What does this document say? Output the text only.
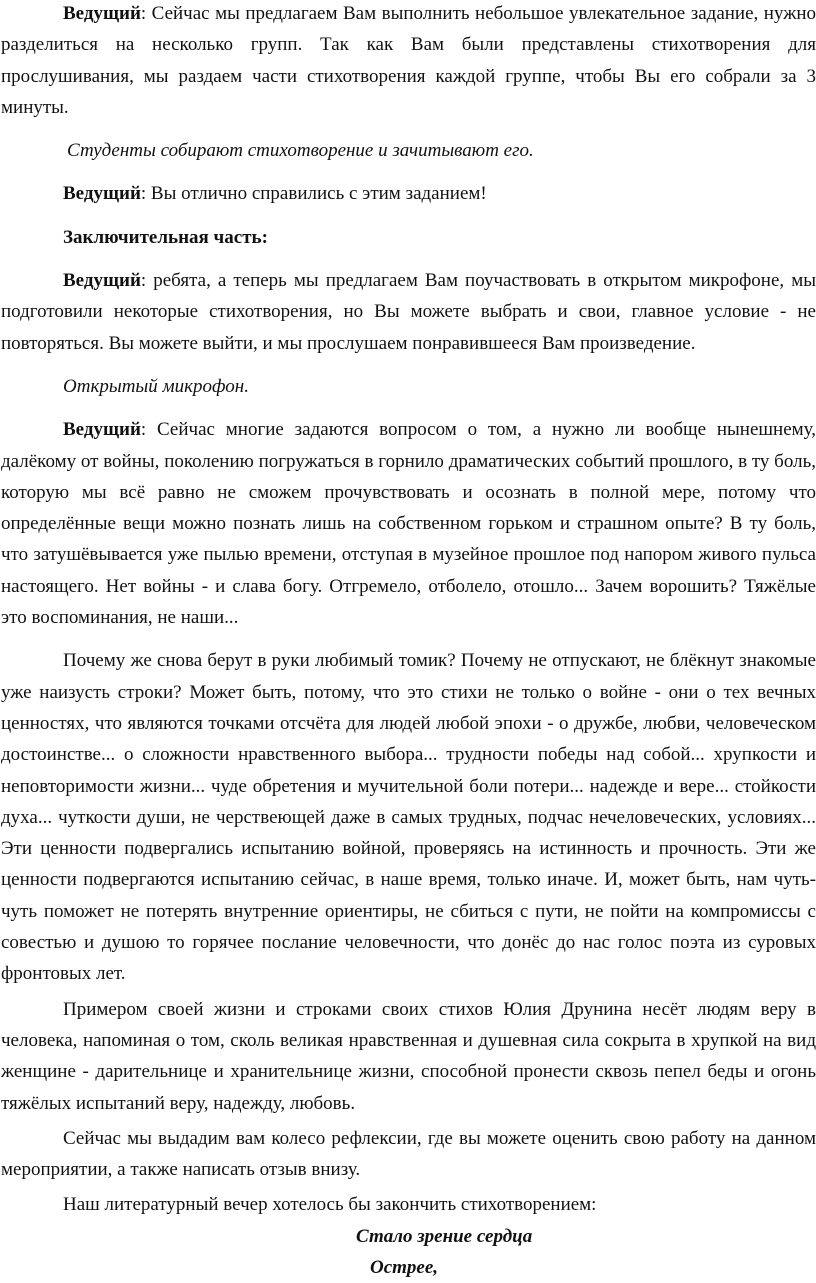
Ведущий: Сейчас мы предлагаем Вам выполнить небольшое увлекательное задание, нужно разделиться на несколько групп. Так как Вам были представлены стихотворения для прослушивания, мы раздаем части стихотворения каждой группе, чтобы Вы его собрали за 3 минуты.

Студенты собирают стихотворение и зачитывают его.

Ведущий: Вы отлично справились с этим заданием!

Заключительная часть:

Ведущий: ребята, а теперь мы предлагаем Вам поучаствовать в открытом микрофоне, мы подготовили некоторые стихотворения, но Вы можете выбрать и свои, главное условие - не повторяться. Вы можете выйти, и мы прослушаем понравившееся Вам произведение.

Открытый микрофон.

Ведущий: Сейчас многие задаются вопросом о том, а нужно ли вообще нынешнему, далёкому от войны, поколению погружаться в горнило драматических событий прошлого, в ту боль, которую мы всё равно не сможем прочувствовать и осознать в полной мере, потому что определённые вещи можно познать лишь на собственном горьком и страшном опыте? В ту боль, что затушёвывается уже пылью времени, отступая в музейное прошлое под напором живого пульса настоящего. Нет войны - и слава богу. Отгремело, отболело, отошло... Зачем ворошить? Тяжёлые это воспоминания, не наши...

Почему же снова берут в руки любимый томик? Почему не отпускают, не блёкнут знакомые уже наизусть строки? Может быть, потому, что это стихи не только о войне - они о тех вечных ценностях, что являются точками отсчёта для людей любой эпохи - о дружбе, любви, человеческом достоинстве... о сложности нравственного выбора... трудности победы над собой... хрупкости и неповторимости жизни... чуде обретения и мучительной боли потери... надежде и вере... стойкости духа... чуткости души, не черствеющей даже в самых трудных, подчас нечеловеческих, условиях... Эти ценности подвергались испытанию войной, проверяясь на истинность и прочность. Эти же ценности подвергаются испытанию сейчас, в наше время, только иначе. И, может быть, нам чуть-чуть поможет не потерять внутренние ориентиры, не сбиться с пути, не пойти на компромиссы с совестью и душою то горячее послание человечности, что донёс до нас голос поэта из суровых фронтовых лет.

Примером своей жизни и строками своих стихов Юлия Друнина несёт людям веру в человека, напоминая о том, сколь великая нравственная и душевная сила сокрыта в хрупкой на вид женщине - дарительнице и хранительнице жизни, способной пронести сквозь пепел беды и огонь тяжёлых испытаний веру, надежду, любовь.

Сейчас мы выдадим вам колесо рефлексии, где вы можете оценить свою работу на данном мероприятии, а также написать отзыв внизу.

Наш литературный вечер хотелось бы закончить стихотворением:

Стало зрение сердца

Острее,
